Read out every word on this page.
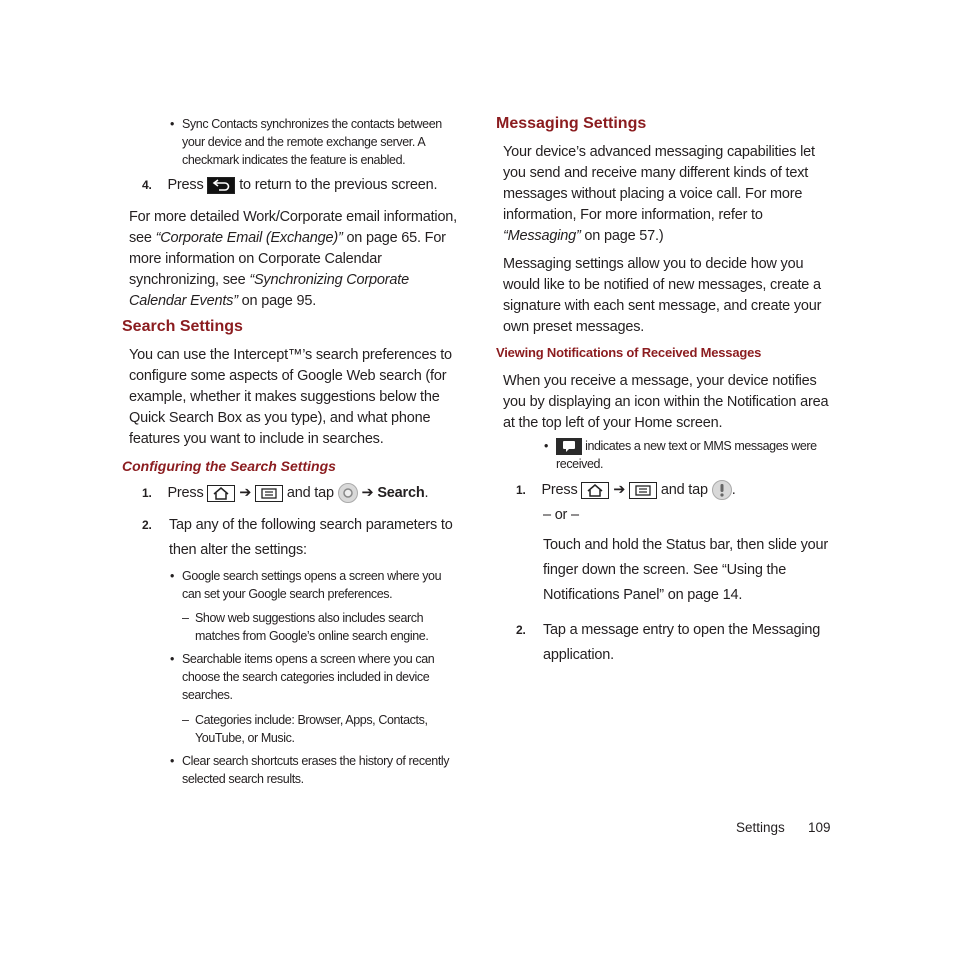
• Sync Contacts synchronizes the contacts between your device and the remote exchange server. A checkmark indicates the feature is enabled.
4. Press to return to the previous screen.
For more detailed Work/Corporate email information, see “Corporate Email (Exchange)” on page 65. For more information on Corporate Calendar synchronizing, see “Synchronizing Corporate Calendar Events” on page 95.
Search Settings
You can use the Intercept™’s search preferences to configure some aspects of Google Web search (for example, whether it makes suggestions below the Quick Search Box as you type), and what phone features you want to include in searches.
Configuring the Search Settings
1. Press ➔ and tap ➔ Search.
2. Tap any of the following search parameters to then alter the settings:
• Google search settings opens a screen where you can set your Google search preferences.
– Show web suggestions also includes search matches from Google’s online search engine.
• Searchable items opens a screen where you can choose the search categories included in device searches.
– Categories include: Browser, Apps, Contacts, YouTube, or Music.
• Clear search shortcuts erases the history of recently selected search results.
Messaging Settings
Your device’s advanced messaging capabilities let you send and receive many different kinds of text messages without placing a voice call. For more information, For more information, refer to “Messaging” on page 57.)
Messaging settings allow you to decide how you would like to be notified of new messages, create a signature with each sent message, and create your own preset messages.
Viewing Notifications of Received Messages
When you receive a message, your device notifies you by displaying an icon within the Notification area at the top left of your Home screen.
•	indicates a new text or MMS messages were received.
1. Press ➔ and tap .
– or –
Touch and hold the Status bar, then slide your finger down the screen. See “Using the Notifications Panel” on page 14.
2. Tap a message entry to open the Messaging application.
Settings 109
